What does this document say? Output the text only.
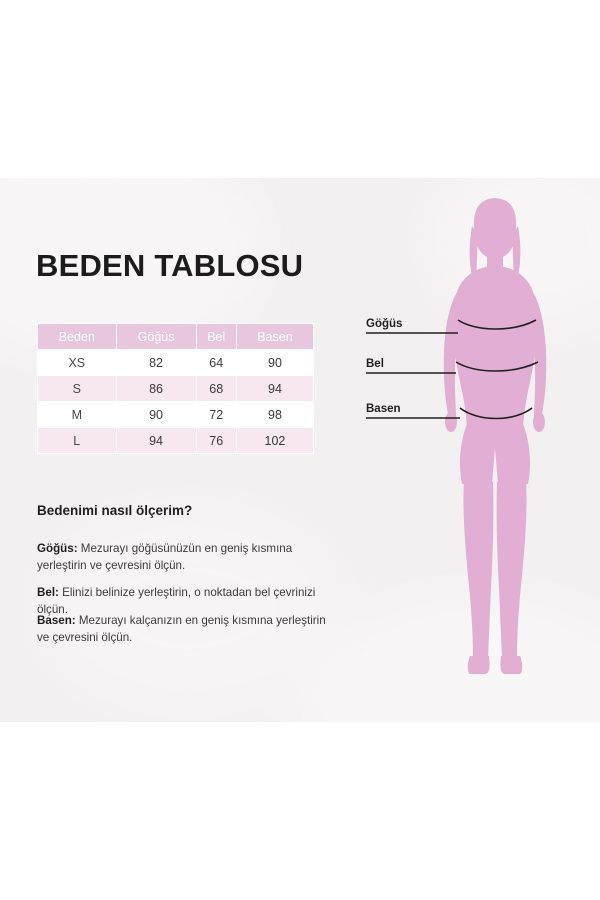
BEDEN TABLOSU
Beden	Göğüs	Bel	Basen
XS	82	64	90
S	86	68	94
M	90	72	98
L	94	76	102
Bedenimi nasıl ölçerim?
Göğüs: Mezurayı göğüsünüzün en geniş kısmına yerleştirin ve çevresini ölçün.
Bel: Elinizi belinize yerleştirin, o noktadan bel çevrinizi ölçün.
Basen: Mezurayı kalçanızın en geniş kısmına yerleştirin ve çevresini ölçün.
Göğüs
Bel
Basen
